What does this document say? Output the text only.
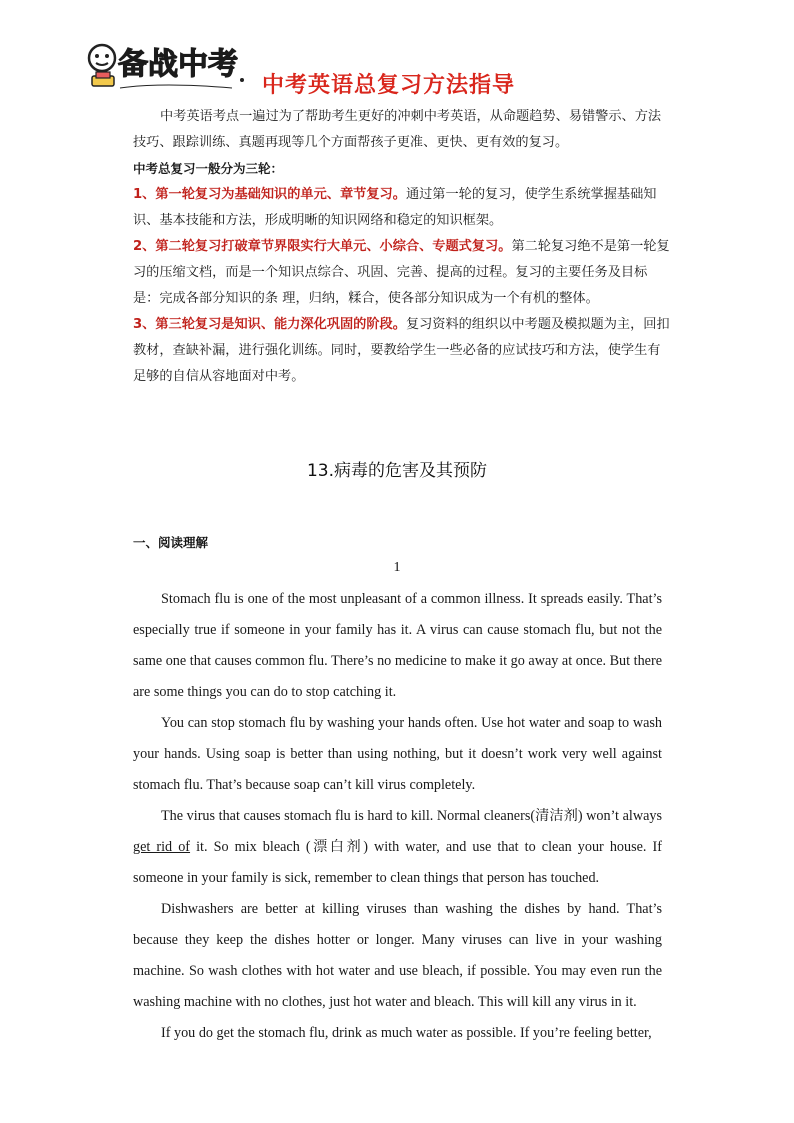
备战中考
中考英语总复习方法指导

中考英语考点一遍过为了帮助考生更好的冲刺中考英语，从命题趋势、易错警示、方法技巧、跟踪训练、真题再现等几个方面帮孩子更准、更快、更有效的复习。

中考总复习一般分为三轮：

1、第一轮复习为基础知识的单元、章节复习。通过第一轮的复习，使学生系统掌握基础知识、基本技能和方法，形成明晰的知识网络和稳定的知识框架。

2、第二轮复习打破章节界限实行大单元、小综合、专题式复习。第二轮复习绝不是第一轮复习的压缩文档，而是一个知识点综合、巩固、完善、提高的过程。复习的主要任务及目标是：完成各部分知识的条 理，归纳，糅合，使各部分知识成为一个有机的整体。

3、第三轮复习是知识、能力深化巩固的阶段。复习资料的组织以中考题及模拟题为主，回扣教材，查缺补漏，进行强化训练。同时，要教给学生一些必备的应试技巧和方法，使学生有足够的自信从容地面对中考。

13.病毒的危害及其预防
一、阅读理解
1

Stomach flu is one of the most unpleasant of a common illness. It spreads easily. That’s especially true if someone in your family has it. A virus can cause stomach flu, but not the same one that causes common flu. There’s no medicine to make it go away at once. But there are some things you can do to stop catching it.

You can stop stomach flu by washing your hands often. Use hot water and soap to wash your hands. Using soap is better than using nothing, but it doesn’t work very well against stomach flu. That’s because soap can’t kill virus completely.

The virus that causes stomach flu is hard to kill. Normal cleaners(清洁剂) won’t always get rid of it. So mix bleach (漂白剂) with water, and use that to clean your house. If someone in your family is sick, remember to clean things that person has touched.

Dishwashers are better at killing viruses than washing the dishes by hand. That’s because they keep the dishes hotter or longer. Many viruses can live in your washing machine. So wash clothes with hot water and use bleach, if possible. You may even run the washing machine with no clothes, just hot water and bleach. This will kill any virus in it.

If you do get the stomach flu, drink as much water as possible. If you’re feeling better,
